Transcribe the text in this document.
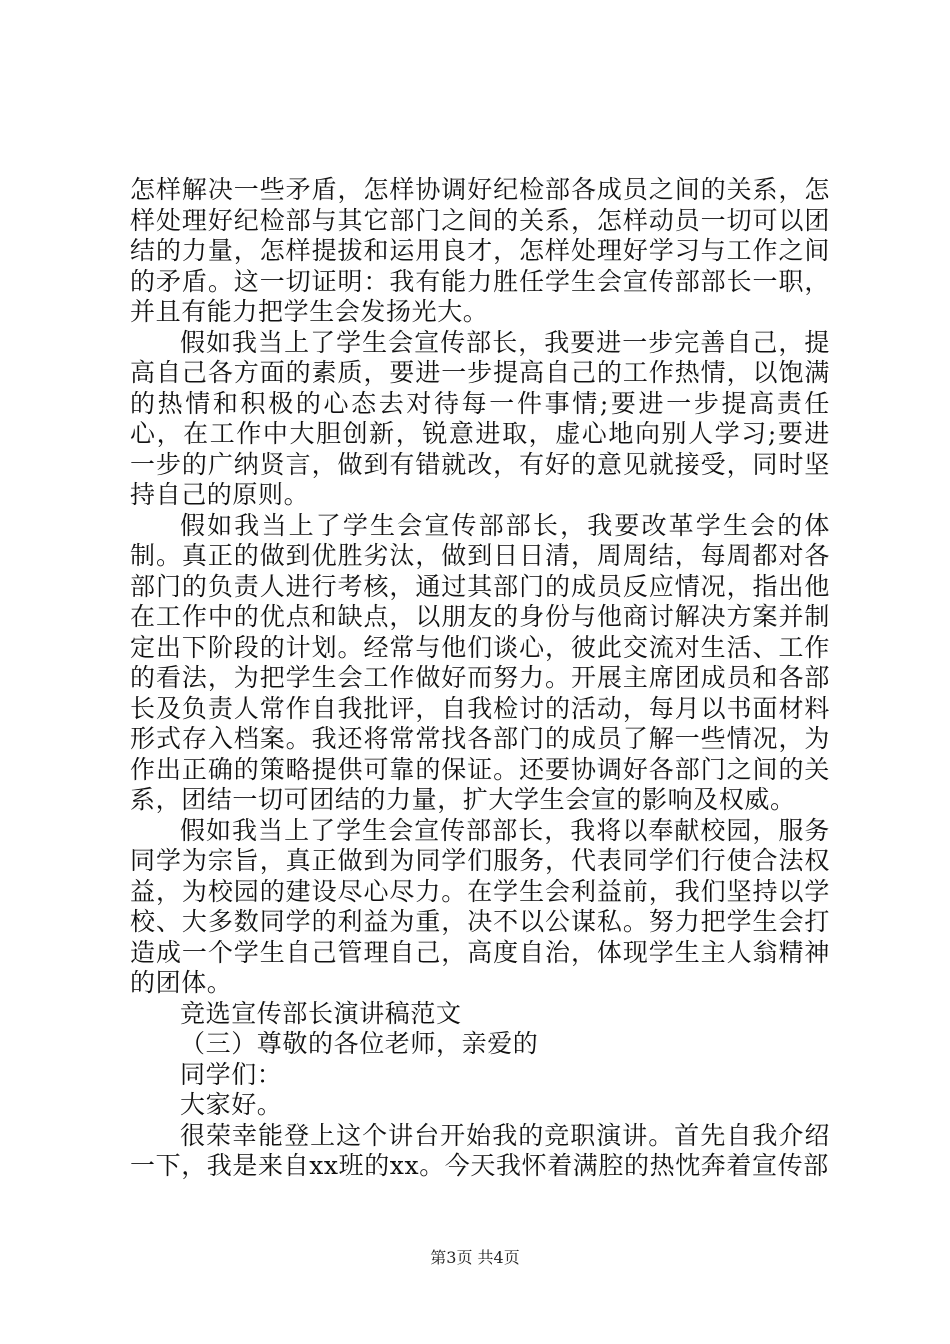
怎样解决一些矛盾，怎样协调好纪检部各成员之间的关系，怎样处理好纪检部与其它部门之间的关系，怎样动员一切可以团结的力量，怎样提拔和运用良才，怎样处理好学习与工作之间的矛盾。这一切证明：我有能力胜任学生会宣传部部长一职，并且有能力把学生会发扬光大。

假如我当上了学生会宣传部长，我要进一步完善自己，提高自己各方面的素质，要进一步提高自己的工作热情，以饱满的热情和积极的心态去对待每一件事情;要进一步提高责任心，在工作中大胆创新，锐意进取，虚心地向别人学习;要进一步的广纳贤言，做到有错就改，有好的意见就接受，同时坚持自己的原则。

假如我当上了学生会宣传部部长，我要改革学生会的体制。真正的做到优胜劣汰，做到日日清，周周结，每周都对各部门的负责人进行考核，通过其部门的成员反应情况，指出他在工作中的优点和缺点，以朋友的身份与他商讨解决方案并制定出下阶段的计划。经常与他们谈心，彼此交流对生活、工作的看法，为把学生会工作做好而努力。开展主席团成员和各部长及负责人常作自我批评，自我检讨的活动，每月以书面材料形式存入档案。我还将常常找各部门的成员了解一些情况，为作出正确的策略提供可靠的保证。还要协调好各部门之间的关系，团结一切可团结的力量，扩大学生会宣的影响及权威。

假如我当上了学生会宣传部部长，我将以奉献校园，服务同学为宗旨，真正做到为同学们服务，代表同学们行使合法权益，为校园的建设尽心尽力。在学生会利益前，我们坚持以学校、大多数同学的利益为重，决不以公谋私。努力把学生会打造成一个学生自己管理自己，高度自治，体现学生主人翁精神的团体。

竞选宣传部长演讲稿范文

（三）尊敬的各位老师，亲爱的

同学们：

大家好。

很荣幸能登上这个讲台开始我的竞职演讲。首先自我介绍一下，我是来自xx班的xx。今天我怀着满腔的热忱奔着宣传部

第3页 共4页
